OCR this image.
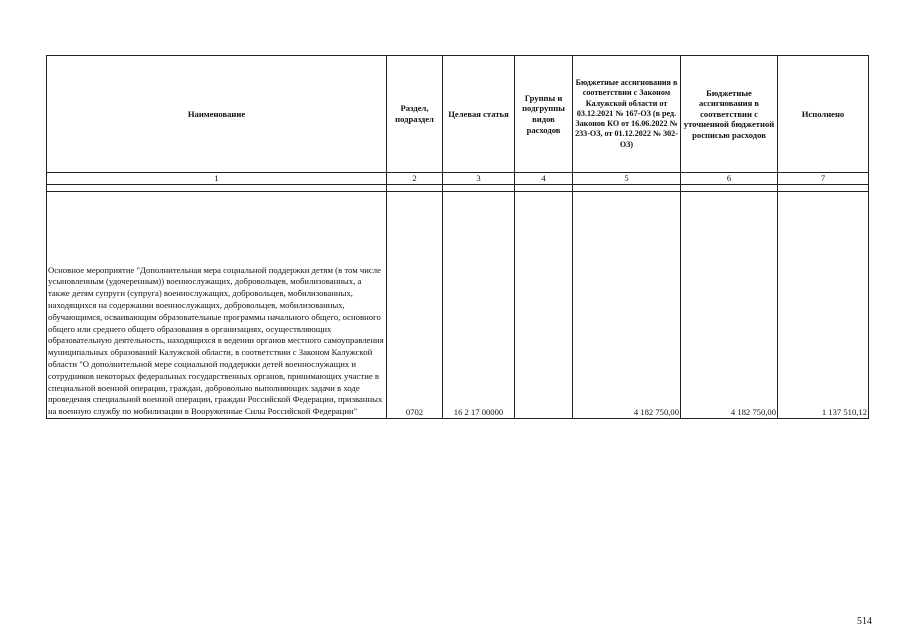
Наименование	Раздел, подраздел	Целевая статья	Группы и подгруппы видов расходов	Бюджетные ассигнования в соответствии с Законом Калужской области от 03.12.2021 № 167-ОЗ (в ред. Законов КО от 16.06.2022 № 233-ОЗ, от 01.12.2022 № 302-ОЗ)	Бюджетные ассигнования в соответствии с уточненной бюджетной росписью расходов	Исполнено
1	2	3	4	5	6	7

Основное мероприятие "Дополнительная мера социальной поддержки детям (в том числе усыновленным (удочеренным)) военнослужащих, добровольцев, мобилизованных, а также детям супруги (супруга) военнослужащих, добровольцев, мобилизованных, находящихся на содержании военнослужащих, добровольцев, мобилизованных, обучающимся, осваивающим образовательные программы начального общего, основного общего или среднего общего образования в организациях, осуществляющих образовательную деятельность, находящихся в ведении органов местного самоуправления муниципальных образований Калужской области, в соответствии с Законом Калужской области "О дополнительной мере социальной поддержки детей военнослужащих и сотрудников некоторых федеральных государственных органов, принимающих участие в специальной военной операции, граждан, добровольно выполняющих задачи в ходе проведения специальной военной операции, граждан Российской Федерации, призванных на военную службу по мобилизации в Вооруженные Силы Российской Федерации"	0702	16 2 17 00000		4 182 750,00	4 182 750,00	1 137 510,12
514
